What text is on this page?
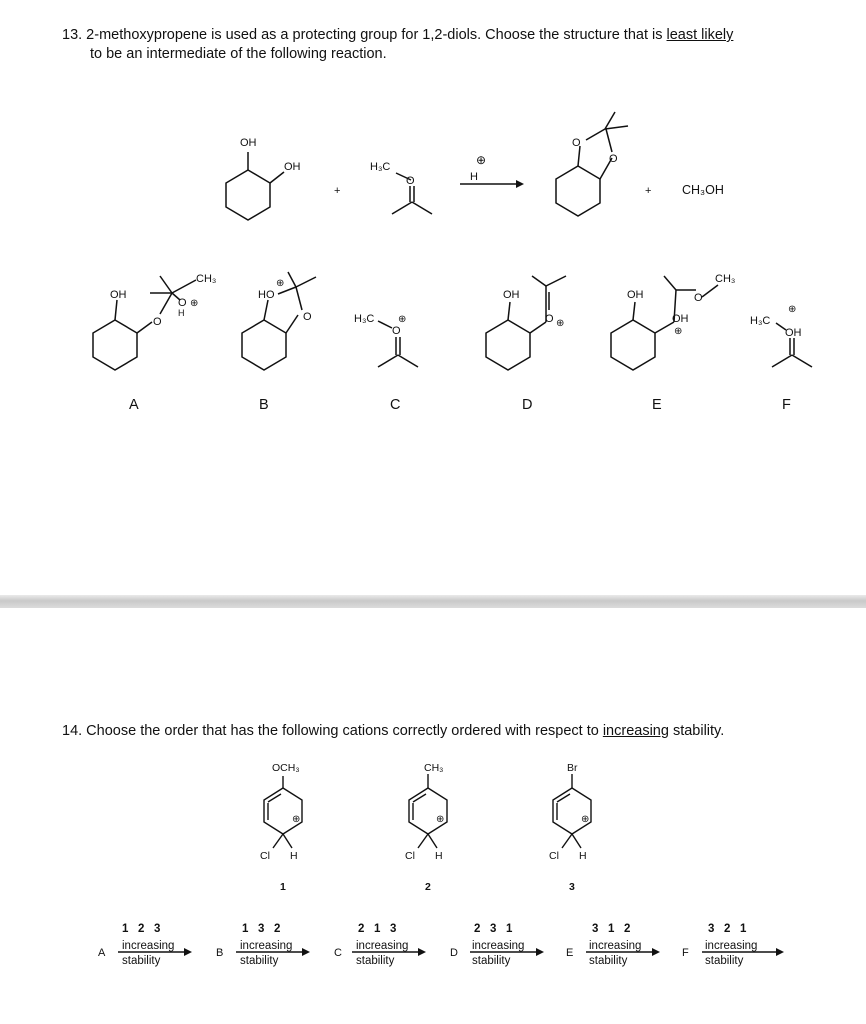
13. 2-methoxypropene is used as a protecting group for 1,2-diols. Choose the structure that is least likely
to be an intermediate of the following reaction.
OH
OH
+
H₃C
O	H
⊕
O
O
+ CH₃OH
OH
O
CH₃
O
H
⊕
⊕
HO
O	H₃C
O
⊕
OH
O ⊕
OH	O
CH₃
OH
⊕
H₃C
⊕
OH
A	B	C	D	E	F
14. Choose the order that has the following cations correctly ordered with respect to increasing stability.
OCH₃	CH₃	Br
⊕	⊕	⊕
Cl H	Cl H	Cl H
1	2	3
A
1   2   3
increasing
stability
B
1   3   2
increasing
stability
C
2   1   3
increasing
stability
D
2   3   1
increasing
stability
E
3   1   2
increasing
stability
F
3   2   1
increasing
stability
